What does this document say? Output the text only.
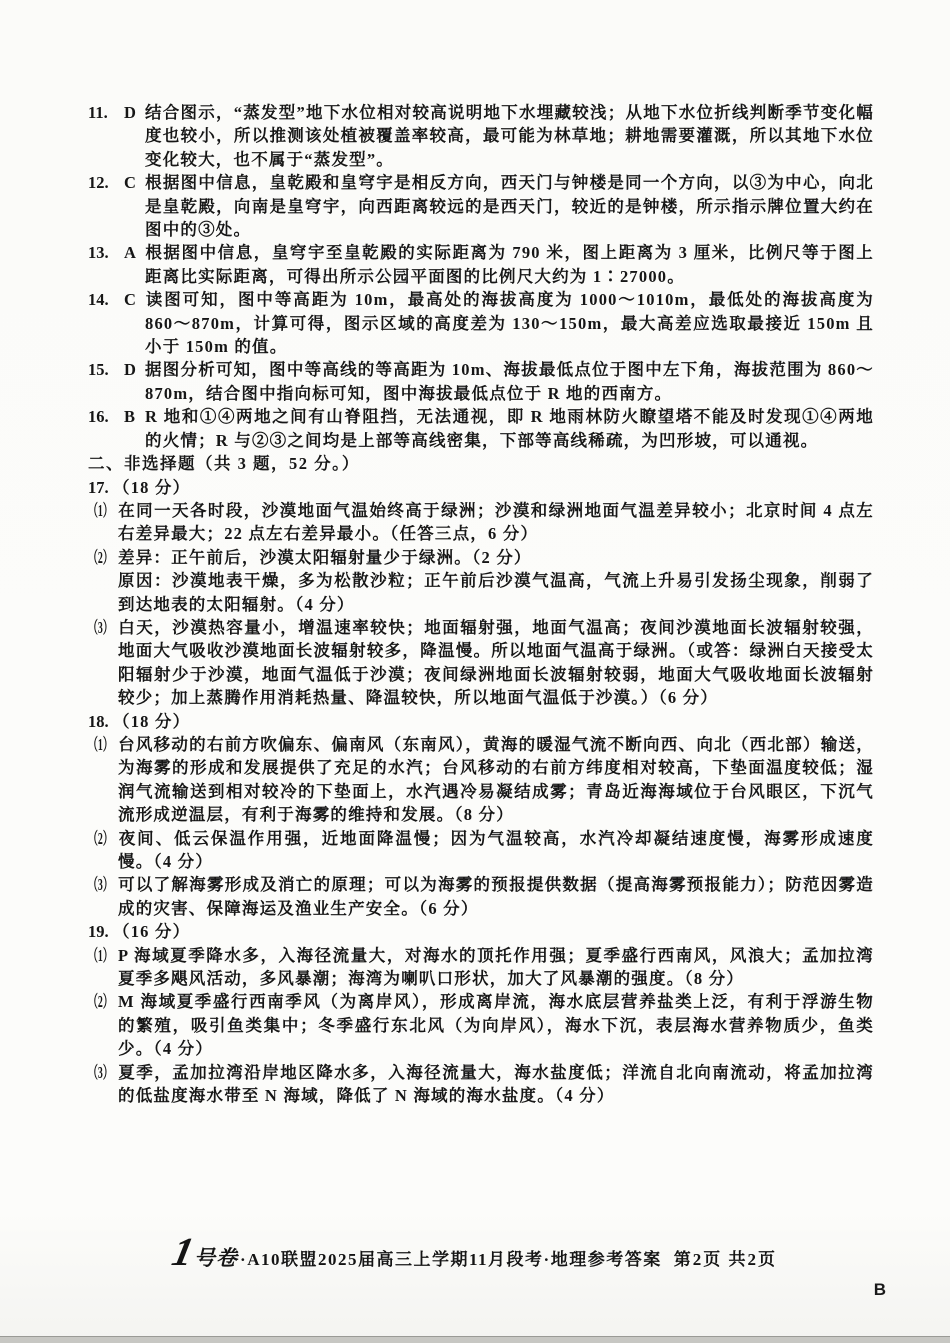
11. D 结合图示，“蒸发型”地下水位相对较高说明地下水埋藏较浅；从地下水位折线判断季节变化幅度也较小，所以推测该处植被覆盖率较高，最可能为林草地；耕地需要灌溉，所以其地下水位变化较大，也不属于“蒸发型”。
12. C 根据图中信息，皇乾殿和皇穹宇是相反方向，西天门与钟楼是同一个方向，以③为中心，向北是皇乾殿，向南是皇穹宇，向西距离较远的是西天门，较近的是钟楼，所示指示牌位置大约在图中的③处。
13. A 根据图中信息，皇穹宇至皇乾殿的实际距离为 790 米，图上距离为 3 厘米，比例尺等于图上距离比实际距离，可得出所示公园平面图的比例尺大约为 1∶27000。
14. C 读图可知，图中等高距为 10m，最高处的海拔高度为 1000～1010m，最低处的海拔高度为 860～870m，计算可得，图示区域的高度差为 130～150m，最大高差应选取最接近 150m 且小于 150m 的值。
15. D 据图分析可知，图中等高线的等高距为 10m、海拔最低点位于图中左下角，海拔范围为 860～870m，结合图中指向标可知，图中海拔最低点位于 R 地的西南方。
16. B R 地和①④两地之间有山脊阻挡，无法通视，即 R 地雨林防火瞭望塔不能及时发现①④两地的火情；R 与②③之间均是上部等高线密集，下部等高线稀疏，为凹形坡，可以通视。
二、非选择题（共 3 题，52 分。）
17. （18 分）
（1） 在同一天各时段，沙漠地面气温始终高于绿洲；沙漠和绿洲地面气温差异较小；北京时间 4 点左右差异最大；22 点左右差异最小。（任答三点，6 分）
（2） 差异：正午前后，沙漠太阳辐射量少于绿洲。（2 分）
原因：沙漠地表干燥，多为松散沙粒；正午前后沙漠气温高，气流上升易引发扬尘现象，削弱了到达地表的太阳辐射。（4 分）
（3） 白天，沙漠热容量小，增温速率较快；地面辐射强，地面气温高；夜间沙漠地面长波辐射较强，地面大气吸收沙漠地面长波辐射较多，降温慢。所以地面气温高于绿洲。（或答：绿洲白天接受太阳辐射少于沙漠，地面气温低于沙漠；夜间绿洲地面长波辐射较弱，地面大气吸收地面长波辐射较少；加上蒸腾作用消耗热量、降温较快，所以地面气温低于沙漠。）（6 分）
18. （18 分）
（1） 台风移动的右前方吹偏东、偏南风（东南风），黄海的暖湿气流不断向西、向北（西北部）输送，为海雾的形成和发展提供了充足的水汽；台风移动的右前方纬度相对较高，下垫面温度较低；湿润气流输送到相对较冷的下垫面上，水汽遇冷易凝结成雾；青岛近海海域位于台风眼区，下沉气流形成逆温层，有利于海雾的维持和发展。（8 分）
（2） 夜间、低云保温作用强，近地面降温慢；因为气温较高，水汽冷却凝结速度慢，海雾形成速度慢。（4 分）
（3） 可以了解海雾形成及消亡的原理；可以为海雾的预报提供数据（提高海雾预报能力）；防范因雾造成的灾害、保障海运及渔业生产安全。（6 分）
19. （16 分）
（1） P 海域夏季降水多，入海径流量大，对海水的顶托作用强；夏季盛行西南风，风浪大；孟加拉湾夏季多飓风活动，多风暴潮；海湾为喇叭口形状，加大了风暴潮的强度。（8 分）
（2） M 海域夏季盛行西南季风（为离岸风），形成离岸流，海水底层营养盐类上泛，有利于浮游生物的繁殖，吸引鱼类集中；冬季盛行东北风（为向岸风），海水下沉，表层海水营养物质少，鱼类少。（4 分）
（3） 夏季，孟加拉湾沿岸地区降水多，入海径流量大，海水盐度低；洋流自北向南流动，将孟加拉湾的低盐度海水带至 N 海域，降低了 N 海域的海水盐度。（4 分）
1
号卷 ·A10联盟2025届高三上学期11月段考·地理参考答案 第2页 共2页
B
